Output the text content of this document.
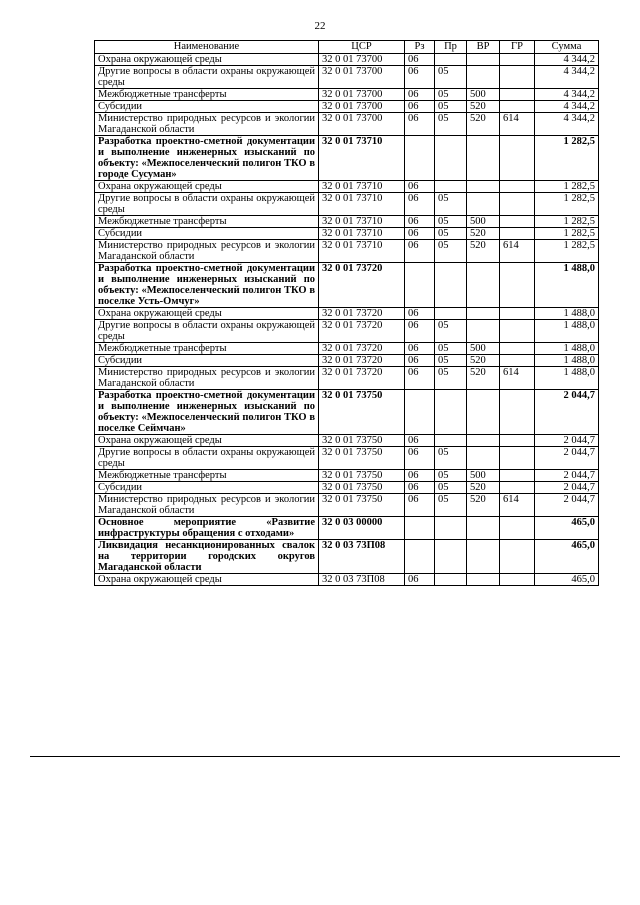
22
Наименование	ЦСР	Рз	Пр	ВР	ГР	Сумма
Охрана окружающей среды	32 0 01 73700	06				4 344,2
Другие вопросы в области охраны окружающей среды	32 0 01 73700	06	05			4 344,2
Межбюджетные трансферты	32 0 01 73700	06	05	500		4 344,2
Субсидии	32 0 01 73700	06	05	520		4 344,2
Министерство природных ресурсов и экологии Магаданской области	32 0 01 73700	06	05	520	614	4 344,2
Разработка проектно-сметной документации и выполнение инженерных изысканий по объекту: «Межпоселенческий полигон ТКО в городе Сусуман»	32 0 01 73710					1 282,5
Охрана окружающей среды	32 0 01 73710	06				1 282,5
Другие вопросы в области охраны окружающей среды	32 0 01 73710	06	05			1 282,5
Межбюджетные трансферты	32 0 01 73710	06	05	500		1 282,5
Субсидии	32 0 01 73710	06	05	520		1 282,5
Министерство природных ресурсов и экологии Магаданской области	32 0 01 73710	06	05	520	614	1 282,5
Разработка проектно-сметной документации и выполнение инженерных изысканий по объекту: «Межпоселенческий полигон ТКО в поселке Усть-Омчуг»	32 0 01 73720					1 488,0
Охрана окружающей среды	32 0 01 73720	06				1 488,0
Другие вопросы в области охраны окружающей среды	32 0 01 73720	06	05			1 488,0
Межбюджетные трансферты	32 0 01 73720	06	05	500		1 488,0
Субсидии	32 0 01 73720	06	05	520		1 488,0
Министерство природных ресурсов и экологии Магаданской области	32 0 01 73720	06	05	520	614	1 488,0
Разработка проектно-сметной документации и выполнение инженерных изысканий по объекту: «Межпоселенческий полигон ТКО в поселке Сеймчан»	32 0 01 73750					2 044,7
Охрана окружающей среды	32 0 01 73750	06				2 044,7
Другие вопросы в области охраны окружающей среды	32 0 01 73750	06	05			2 044,7
Межбюджетные трансферты	32 0 01 73750	06	05	500		2 044,7
Субсидии	32 0 01 73750	06	05	520		2 044,7
Министерство природных ресурсов и экологии Магаданской области	32 0 01 73750	06	05	520	614	2 044,7
Основное мероприятие «Развитие инфраструктуры обращения с отходами»	32 0 03 00000					465,0
Ликвидация несанкционированных свалок на территории городских округов Магаданской области	32 0 03 73П08					465,0
Охрана окружающей среды	32 0 03 73П08	06				465,0
